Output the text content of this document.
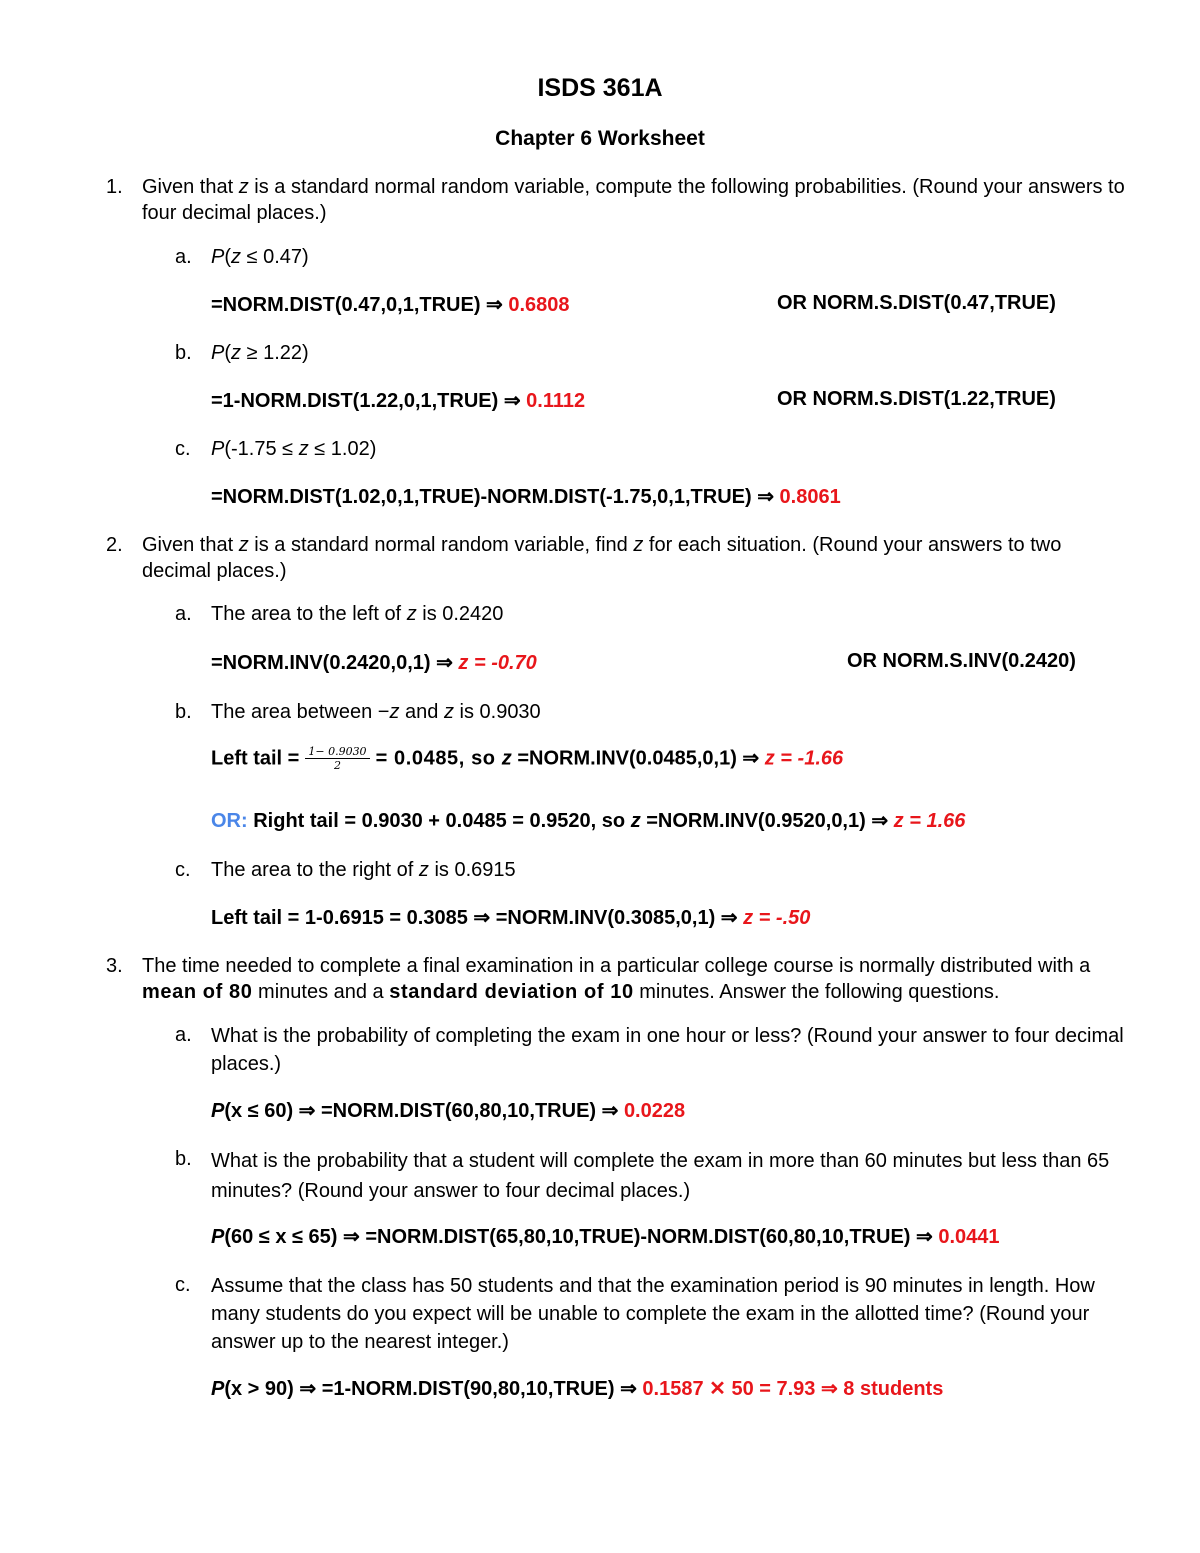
ISDS 361A
Chapter 6 Worksheet
1. Given that z is a standard normal random variable, compute the following probabilities. (Round your answers to four decimal places.)
a. P(z ≤ 0.47)
=NORM.DIST(0.47,0,1,TRUE) ⇒ 0.6808	OR NORM.S.DIST(0.47,TRUE)
b. P(z ≥ 1.22)
=1-NORM.DIST(1.22,0,1,TRUE) ⇒ 0.1112	OR NORM.S.DIST(1.22,TRUE)
c. P(-1.75 ≤ z ≤ 1.02)
=NORM.DIST(1.02,0,1,TRUE)-NORM.DIST(-1.75,0,1,TRUE) ⇒ 0.8061
2. Given that z is a standard normal random variable, find z for each situation. (Round your answers to two decimal places.)
a. The area to the left of z is 0.2420
=NORM.INV(0.2420,0,1) ⇒ z = -0.70	OR NORM.S.INV(0.2420)
b. The area between −z and z is 0.9030
Left tail = $\frac{1- 0.9030}{2} = 0.0485$, so z =NORM.INV(0.0485,0,1) ⇒ z = -1.66
OR: Right tail = 0.9030 + 0.0485 = 0.9520, so z =NORM.INV(0.9520,0,1) ⇒ z = 1.66
c. The area to the right of z is 0.6915
Left tail = 1-0.6915 = 0.3085 ⇒ =NORM.INV(0.3085,0,1) ⇒ z = -.50
3. The time needed to complete a final examination in a particular college course is normally distributed with a mean of 80 minutes and a standard deviation of 10 minutes. Answer the following questions.
a. What is the probability of completing the exam in one hour or less? (Round your answer to four decimal places.)
P(x ≤ 60) ⇒ =NORM.DIST(60,80,10,TRUE) ⇒ 0.0228
b. What is the probability that a student will complete the exam in more than 60 minutes but less than 65 minutes? (Round your answer to four decimal places.)
P(60 ≤ x ≤ 65) ⇒ =NORM.DIST(65,80,10,TRUE)-NORM.DIST(60,80,10,TRUE) ⇒ 0.0441
c. Assume that the class has 50 students and that the examination period is 90 minutes in length. How many students do you expect will be unable to complete the exam in the allotted time? (Round your answer up to the nearest integer.)
P(x > 90) ⇒ =1-NORM.DIST(90,80,10,TRUE) ⇒ 0.1587 ✕ 50 = 7.93 ⇒ 8 students
